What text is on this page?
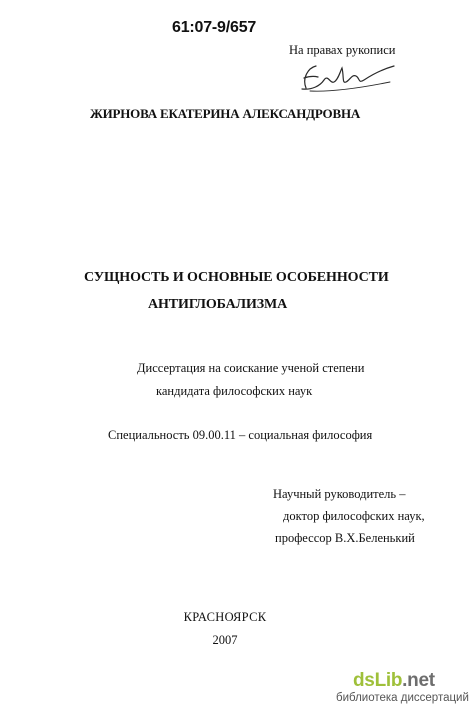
61:07-9/657
На правах рукописи
ЖИРНОВА ЕКАТЕРИНА АЛЕКСАНДРОВНА
СУЩНОСТЬ И ОСНОВНЫЕ ОСОБЕННОСТИ
АНТИГЛОБАЛИЗМА
Диссертация на соискание ученой степени
кандидата философских наук
Специальность 09.00.11 – социальная философия
Научный руководитель –
доктор философских наук,
профессор В.Х.Беленький
КРАСНОЯРСК
2007
dsLib.net
библиотека диссертаций
